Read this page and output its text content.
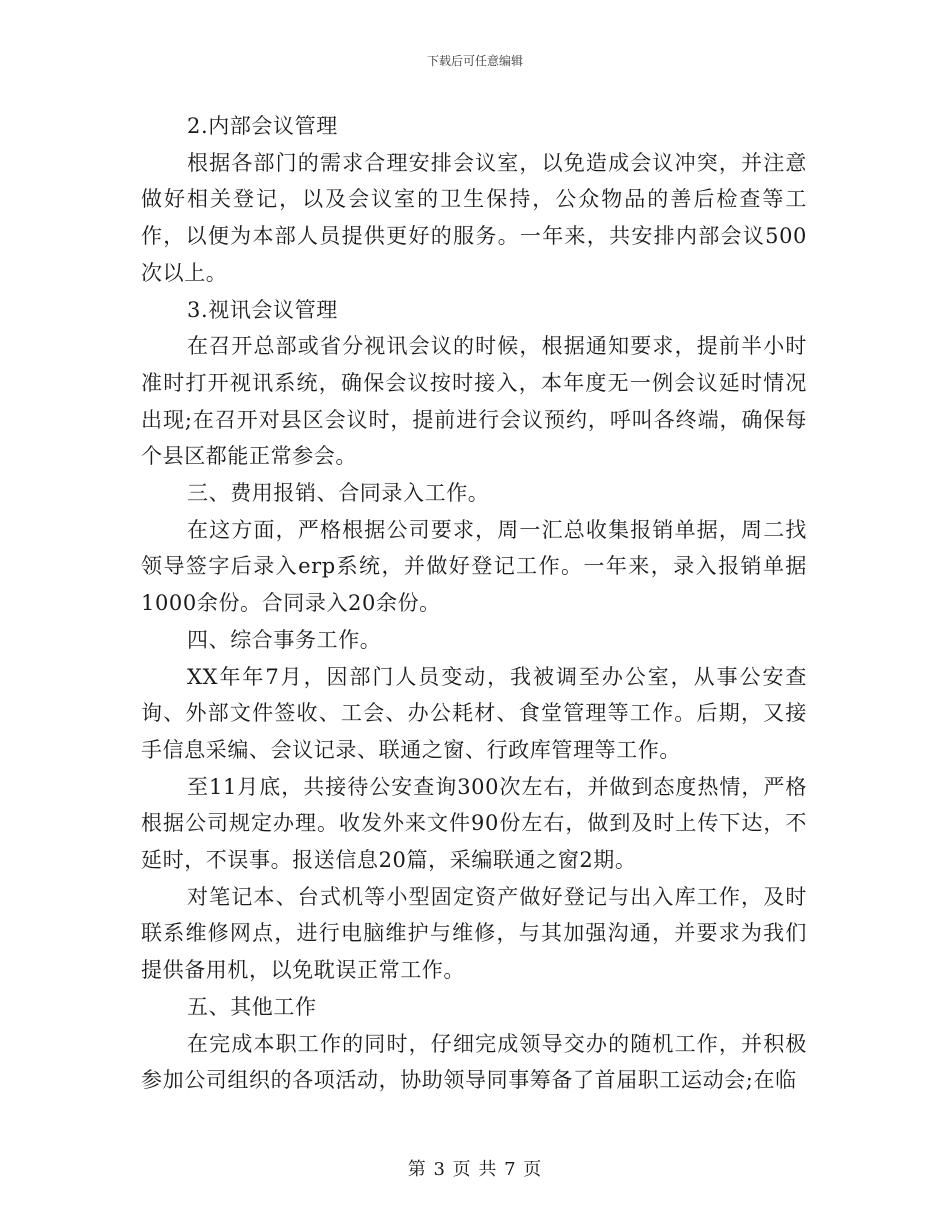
下载后可任意编辑

2.内部会议管理

根据各部门的需求合理安排会议室，以免造成会议冲突，并注意做好相关登记，以及会议室的卫生保持，公众物品的善后检查等工作，以便为本部人员提供更好的服务。一年来，共安排内部会议500次以上。

3.视讯会议管理

在召开总部或省分视讯会议的时候，根据通知要求，提前半小时准时打开视讯系统，确保会议按时接入，本年度无一例会议延时情况出现;在召开对县区会议时，提前进行会议预约，呼叫各终端，确保每个县区都能正常参会。

三、费用报销、合同录入工作。

在这方面，严格根据公司要求，周一汇总收集报销单据，周二找领导签字后录入erp系统，并做好登记工作。一年来，录入报销单据1000余份。合同录入20余份。

四、综合事务工作。

XX年年7月，因部门人员变动，我被调至办公室，从事公安查询、外部文件签收、工会、办公耗材、食堂管理等工作。后期，又接手信息采编、会议记录、联通之窗、行政库管理等工作。

至11月底，共接待公安查询300次左右，并做到态度热情，严格根据公司规定办理。收发外来文件90份左右，做到及时上传下达，不延时，不误事。报送信息20篇，采编联通之窗2期。

对笔记本、台式机等小型固定资产做好登记与出入库工作，及时联系维修网点，进行电脑维护与维修，与其加强沟通，并要求为我们提供备用机，以免耽误正常工作。

五、其他工作

在完成本职工作的同时，仔细完成领导交办的随机工作，并积极参加公司组织的各项活动，协助领导同事筹备了首届职工运动会;在临

第 3 页 共 7 页
